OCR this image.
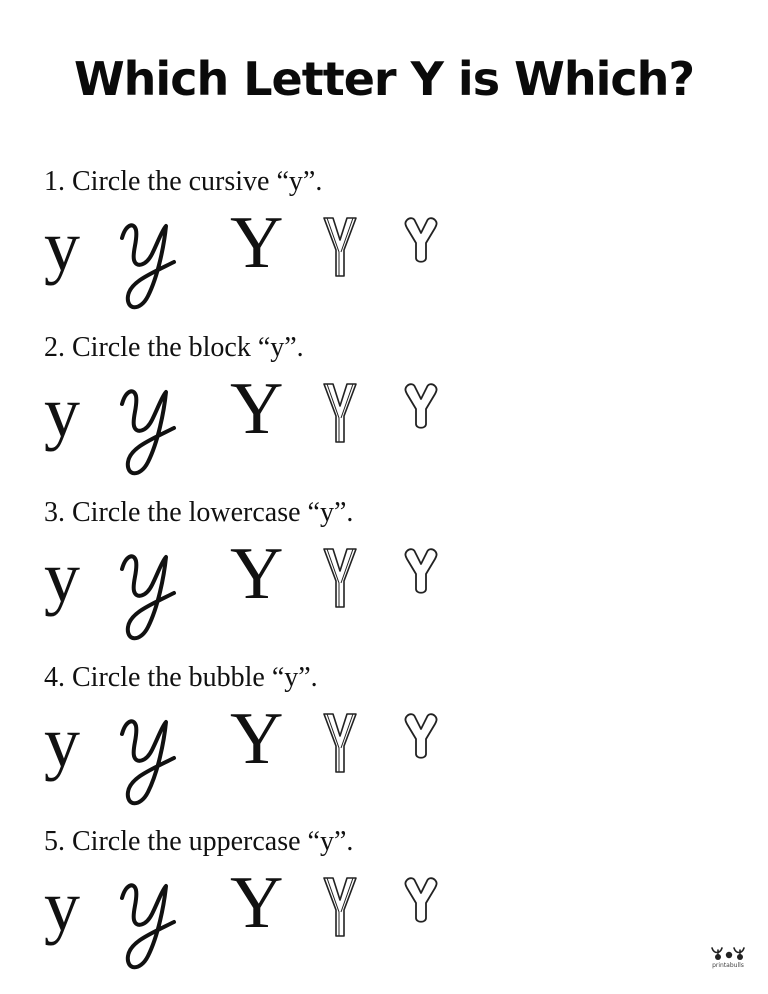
Which Letter Y is Which?

1. Circle the cursive “y”.

y Y

2. Circle the block “y”.

y Y

3. Circle the lowercase “y”.

y Y

4. Circle the bubble “y”.

y Y

5. Circle the uppercase “y”.

y Y
printabulls
